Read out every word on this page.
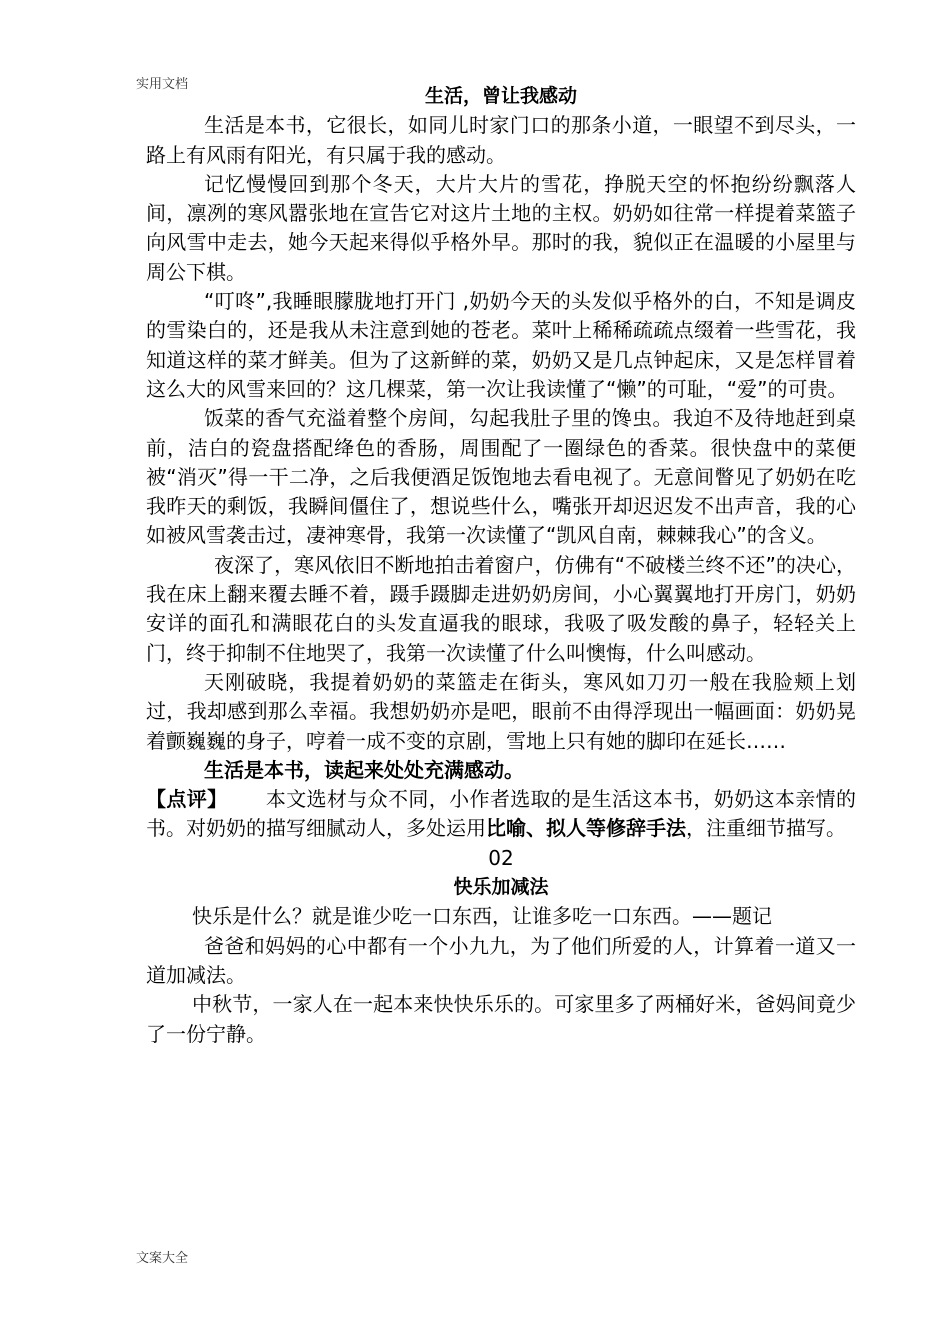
实用文档

生活，曾让我感动

生活是本书，它很长，如同儿时家门口的那条小道，一眼望不到尽头，一路上有风雨有阳光，有只属于我的感动。

记忆慢慢回到那个冬天，大片大片的雪花，挣脱天空的怀抱纷纷飘落人间，凛冽的寒风嚣张地在宣告它对这片土地的主权。奶奶如往常一样提着菜篮子向风雪中走去，她今天起来得似乎格外早。那时的我，貌似正在温暖的小屋里与周公下棋。

“叮咚”,我睡眼朦胧地打开门 ,奶奶今天的头发似乎格外的白，不知是调皮的雪染白的，还是我从未注意到她的苍老。菜叶上稀稀疏疏点缀着一些雪花，我知道这样的菜才鲜美。但为了这新鲜的菜，奶奶又是几点钟起床，又是怎样冒着这么大的风雪来回的？这几棵菜，第一次让我读懂了“懒”的可耻，“爱”的可贵。

饭菜的香气充溢着整个房间，勾起我肚子里的馋虫。我迫不及待地赶到桌前，洁白的瓷盘搭配绛色的香肠，周围配了一圈绿色的香菜。很快盘中的菜便被“消灭”得一干二净，之后我便酒足饭饱地去看电视了。无意间瞥见了奶奶在吃我昨天的剩饭，我瞬间僵住了，想说些什么，嘴张开却迟迟发不出声音，我的心如被风雪袭击过，凄神寒骨，我第一次读懂了“凯风自南，棘棘我心”的含义。

夜深了，寒风依旧不断地拍击着窗户，仿佛有“不破楼兰终不还”的决心，我在床上翻来覆去睡不着，蹑手蹑脚走进奶奶房间，小心翼翼地打开房门，奶奶安详的面孔和满眼花白的头发直逼我的眼球，我吸了吸发酸的鼻子，轻轻关上门，终于抑制不住地哭了，我第一次读懂了什么叫懊悔，什么叫感动。

天刚破晓，我提着奶奶的菜篮走在街头，寒风如刀刃一般在我脸颊上划过，我却感到那么幸福。我想奶奶亦是吧，眼前不由得浮现出一幅画面：奶奶晃着颤巍巍的身子，哼着一成不变的京剧，雪地上只有她的脚印在延长……

生活是本书，读起来处处充满感动。

【点评】 本文选材与众不同，小作者选取的是生活这本书，奶奶这本亲情的书。对奶奶的描写细腻动人，多处运用比喻、拟人等修辞手法，注重细节描写。

02

快乐加减法

快乐是什么？就是谁少吃一口东西，让谁多吃一口东西。——题记

爸爸和妈妈的心中都有一个小九九，为了他们所爱的人，计算着一道又一道加减法。

中秋节，一家人在一起本来快快乐乐的。可家里多了两桶好米，爸妈间竟少了一份宁静。

文案大全
